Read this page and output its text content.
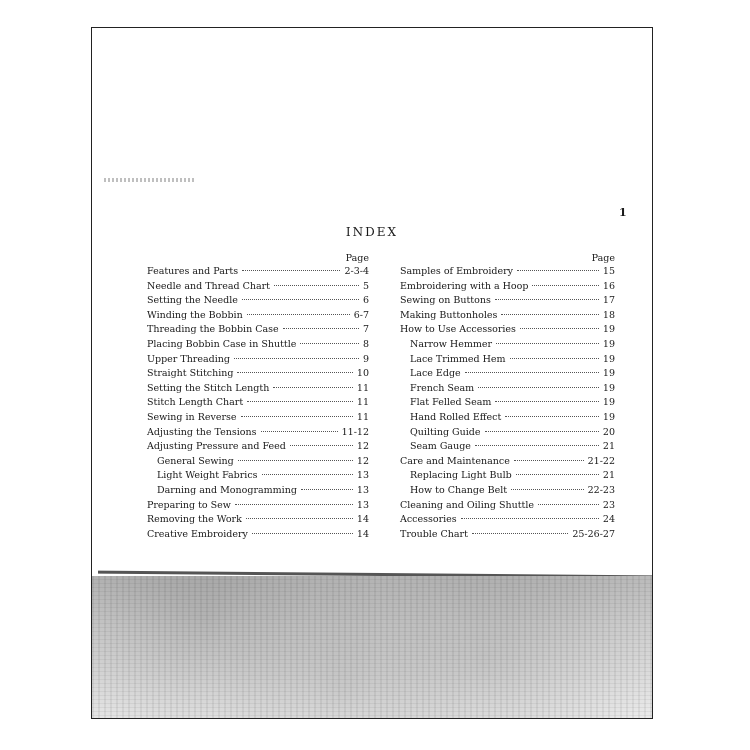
1
INDEX
Page
Features and Parts	2-3-4
Needle and Thread Chart	5
Setting the Needle	6
Winding the Bobbin	6-7
Threading the Bobbin Case	7
Placing Bobbin Case in Shuttle	8
Upper Threading	9
Straight Stitching	10
Setting the Stitch Length	11
Stitch Length Chart	11
Sewing in Reverse	11
Adjusting the Tensions	11-12
Adjusting Pressure and Feed	12
General Sewing	12
Light Weight Fabrics	13
Darning and Monogramming	13
Preparing to Sew	13
Removing the Work	14
Creative Embroidery	14
Page
Samples of Embroidery	15
Embroidering with a Hoop	16
Sewing on Buttons	17
Making Buttonholes	18
How to Use Accessories	19
Narrow Hemmer	19
Lace Trimmed Hem	19
Lace Edge	19
French Seam	19
Flat Felled Seam	19
Hand Rolled Effect	19
Quilting Guide	20
Seam Gauge	21
Care and Maintenance	21-22
Replacing Light Bulb	21
How to Change Belt	22-23
Cleaning and Oiling Shuttle	23
Accessories	24
Trouble Chart	25-26-27
